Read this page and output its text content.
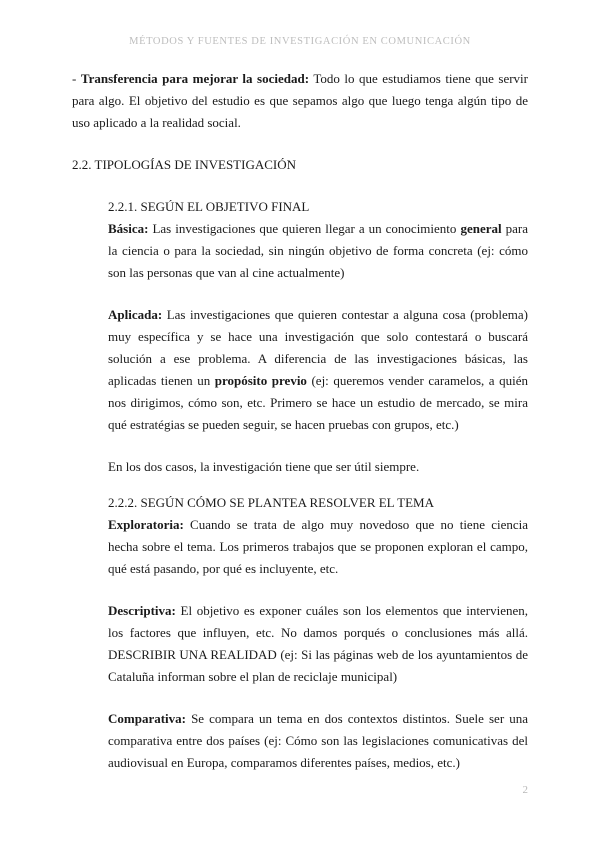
MÉTODOS Y FUENTES DE INVESTIGACIÓN EN COMUNICACIÓN

- Transferencia para mejorar la sociedad: Todo lo que estudiamos tiene que servir para algo. El objetivo del estudio es que sepamos algo que luego tenga algún tipo de uso aplicado a la realidad social.

2.2. TIPOLOGÍAS DE INVESTIGACIÓN
2.2.1. SEGÚN EL OBJETIVO FINAL

Básica: Las investigaciones que quieren llegar a un conocimiento general para la ciencia o para la sociedad, sin ningún objetivo de forma concreta (ej: cómo son las personas que van al cine actualmente)

Aplicada: Las investigaciones que quieren contestar a alguna cosa (problema) muy específica y se hace una investigación que solo contestará o buscará solución a ese problema. A diferencia de las investigaciones básicas, las aplicadas tienen un propósito previo (ej: queremos vender caramelos, a quién nos dirigimos, cómo son, etc. Primero se hace un estudio de mercado, se mira qué estratégias se pueden seguir, se hacen pruebas con grupos, etc.)

En los dos casos, la investigación tiene que ser útil siempre.

2.2.2. SEGÚN CÓMO SE PLANTEA RESOLVER EL TEMA

Exploratoria: Cuando se trata de algo muy novedoso que no tiene ciencia hecha sobre el tema. Los primeros trabajos que se proponen exploran el campo, qué está pasando, por qué es incluyente, etc.

Descriptiva: El objetivo es exponer cuáles son los elementos que intervienen, los factores que influyen, etc. No damos porqués o conclusiones más allá. DESCRIBIR UNA REALIDAD (ej: Si las páginas web de los ayuntamientos de Cataluña informan sobre el plan de reciclaje municipal)

Comparativa: Se compara un tema en dos contextos distintos. Suele ser una comparativa entre dos países (ej: Cómo son las legislaciones comunicativas del audiovisual en Europa, comparamos diferentes países, medios, etc.)

2
